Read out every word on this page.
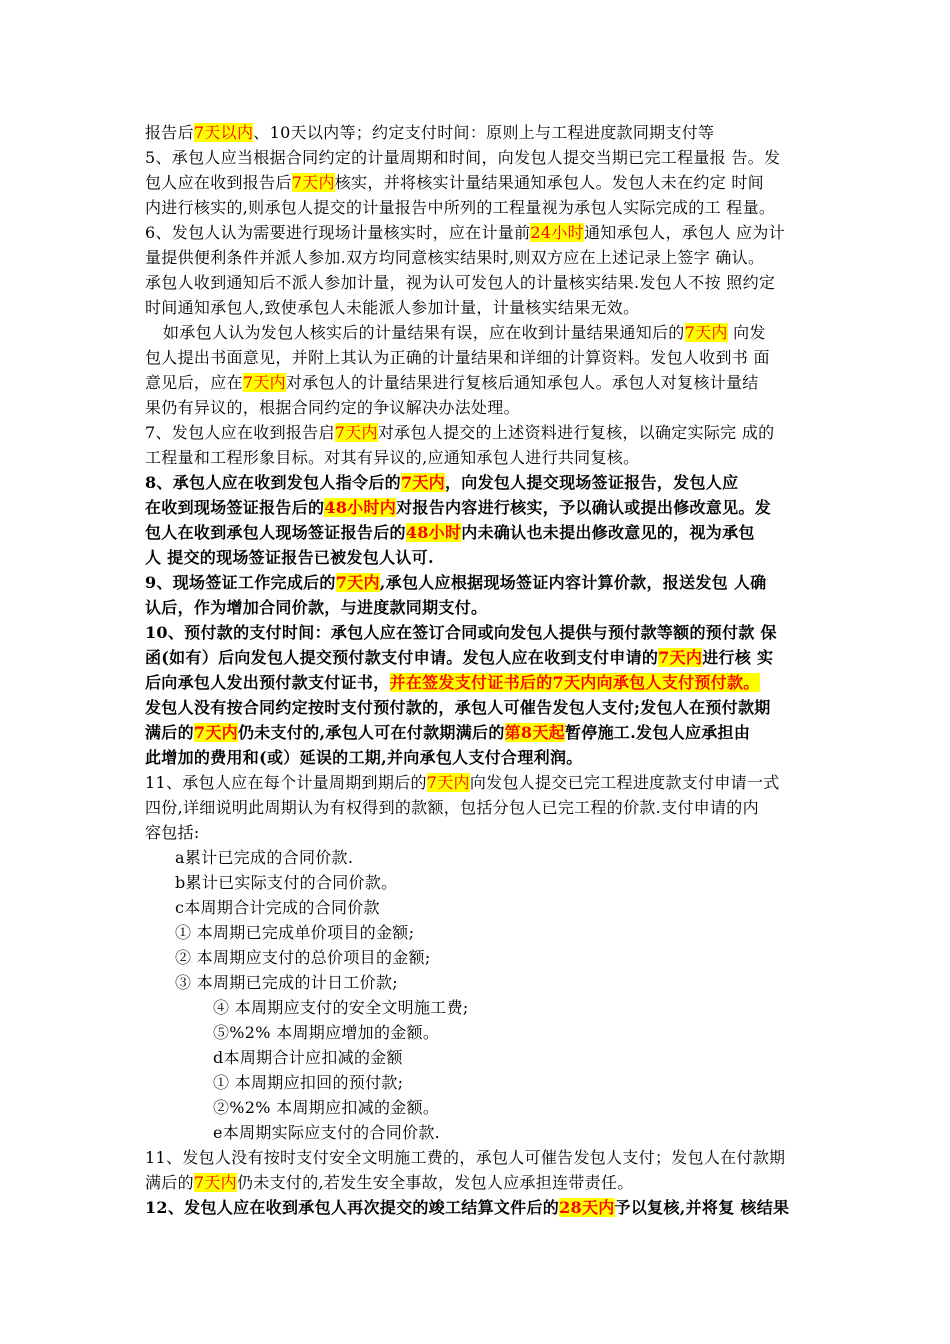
报告后7天以内、10天以内等；约定支付时间：原则上与工程进度款同期支付等
5、承包人应当根据合同约定的计量周期和时间，向发包人提交当期已完工程量报 告。发
包人应在收到报告后7天内核实，并将核实计量结果通知承包人。发包人未在约定 时间
内进行核实的,则承包人提交的计量报告中所列的工程量视为承包人实际完成的工 程量。
6、发包人认为需要进行现场计量核实时，应在计量前24小时通知承包人，承包人 应为计
量提供便利条件并派人参加.双方均同意核实结果时,则双方应在上述记录上签字 确认。
承包人收到通知后不派人参加计量，视为认可发包人的计量核实结果.发包人不按 照约定
时间通知承包人,致使承包人未能派人参加计量，计量核实结果无效。
如承包人认为发包人核实后的计量结果有误，应在收到计量结果通知后的7天内 向发
包人提出书面意见，并附上其认为正确的计量结果和详细的计算资料。发包人收到书 面
意见后，应在7天内对承包人的计量结果进行复核后通知承包人。承包人对复核计量结
果仍有异议的，根据合同约定的争议解决办法处理。
7、发包人应在收到报告启7天内对承包人提交的上述资料进行复核，以确定实际完 成的
工程量和工程形象目标。对其有异议的,应通知承包人进行共同复核。
8、承包人应在收到发包人指令后的7天内，向发包人提交现场签证报告，发包人应
在收到现场签证报告后的48小时内对报告内容进行核实，予以确认或提出修改意见。发
包人在收到承包人现场签证报告后的48小时内未确认也未提出修改意见的，视为承包
人 提交的现场签证报告已被发包人认可.
9、现场签证工作完成后的7天内,承包人应根据现场签证内容计算价款，报送发包 人确
认后，作为增加合同价款，与进度款同期支付。
10、预付款的支付时间：承包人应在签订合同或向发包人提供与预付款等额的预付款 保
函(如有）后向发包人提交预付款支付申请。发包人应在收到支付申请的7天内进行核 实
后向承包人发出预付款支付证书，并在签发支付证书后的7天内向承包人支付预付款。
发包人没有按合同约定按时支付预付款的，承包人可催告发包人支付;发包人在预付款期
满后的7天内仍未支付的,承包人可在付款期满后的第8天起暂停施工.发包人应承担由
此增加的费用和(或）延误的工期,并向承包人支付合理利润。
11、承包人应在每个计量周期到期后的7天内向发包人提交已完工程进度款支付申请一式
四份,详细说明此周期认为有权得到的款额，包括分包人已完工程的价款.支付申请的内
容包括:
a累计已完成的合同价款.
b累计已实际支付的合同价款。
c本周期合计完成的合同价款
① 本周期已完成单价项目的金额;
② 本周期应支付的总价项目的金额;
③ 本周期已完成的计日工价款;
④ 本周期应支付的安全文明施工费;
⑤%2% 本周期应增加的金额。
d本周期合计应扣减的金额
① 本周期应扣回的预付款;
②%2% 本周期应扣减的金额。
e本周期实际应支付的合同价款.
11、发包人没有按时支付安全文明施工费的，承包人可催告发包人支付；发包人在付款期
满后的7天内仍未支付的,若发生安全事故，发包人应承担连带责任。
12、发包人应在收到承包人再次提交的竣工结算文件后的28天内予以复核,并将复 核结果
